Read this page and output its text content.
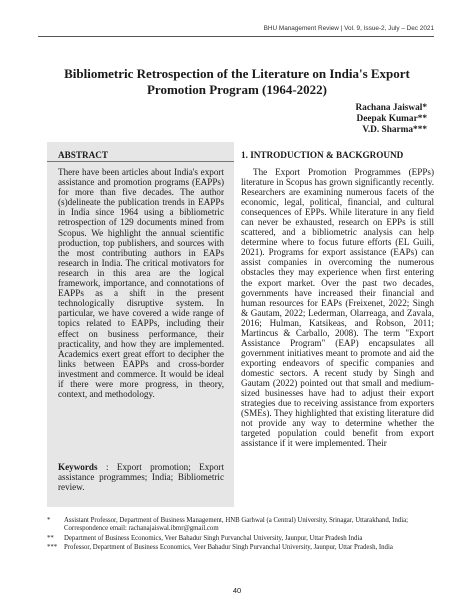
BHU Management Review | Vol. 9, Issue-2, July – Dec 2021
Bibliometric Retrospection of the Literature on India's Export Promotion Program (1964-2022)
Rachana Jaiswal*
Deepak Kumar**
V.D. Sharma***
ABSTRACT
There have been articles about India's export assistance and promotion programs (EAPPs) for more than five decades. The author (s)delineate the publication trends in EAPPs in India since 1964 using a bibliometric retrospection of 129 documents mined from Scopus. We highlight the annual scientific production, top publishers, and sources with the most contributing authors in EAPs research in India. The critical motivators for research in this area are the logical framework, importance, and connotations of EAPPs as a shift in the present technologically disruptive system. In particular, we have covered a wide range of topics related to EAPPs, including their effect on business performance, their practicality, and how they are implemented. Academics exert great effort to decipher the links between EAPPs and cross-border investment and commerce. It would be ideal if there were more progress, in theory, context, and methodology.
Keywords : Export promotion; Export assistance programmes; India; Bibliometric review.
1. INTRODUCTION & BACKGROUND
The Export Promotion Programmes (EPPs) literature in Scopus has grown significantly recently. Researchers are examining numerous facets of the economic, legal, political, financial, and cultural consequences of EPPs. While literature in any field can never be exhausted, research on EPPs is still scattered, and a bibliometric analysis can help determine where to focus future efforts (EL Guili, 2021). Programs for export assistance (EAPs) can assist companies in overcoming the numerous obstacles they may experience when first entering the export market. Over the past two decades, governments have increased their financial and human resources for EAPs (Freixenet, 2022; Singh & Gautam, 2022; Lederman, Olarreaga, and Zavala, 2016; Hulman, Katsikeas, and Robson, 2011; Martincus & Carballo, 2008). The term "Export Assistance Program" (EAP) encapsulates all government initiatives meant to promote and aid the exporting endeavors of specific companies and domestic sectors. A recent study by Singh and Gautam (2022) pointed out that small and medium-sized businesses have had to adjust their export strategies due to receiving assistance from exporters (SMEs). They highlighted that existing literature did not provide any way to determine whether the targeted population could benefit from export assistance if it were implemented. Their
* Assistant Professor, Department of Business Management, HNB Garhwal (a Central) University, Srinagar, Uttarakhand, India; Correspondence email: rachanajaiswal.ibmr@gmail.com
** Department of Business Economics, Veer Bahadur Singh Purvanchal University, Jaunpur, Uttar Pradesh India
*** Professor, Department of Business Economics, Veer Bahadur Singh Purvanchal University, Jaunpur, Uttar Pradesh, India
40
